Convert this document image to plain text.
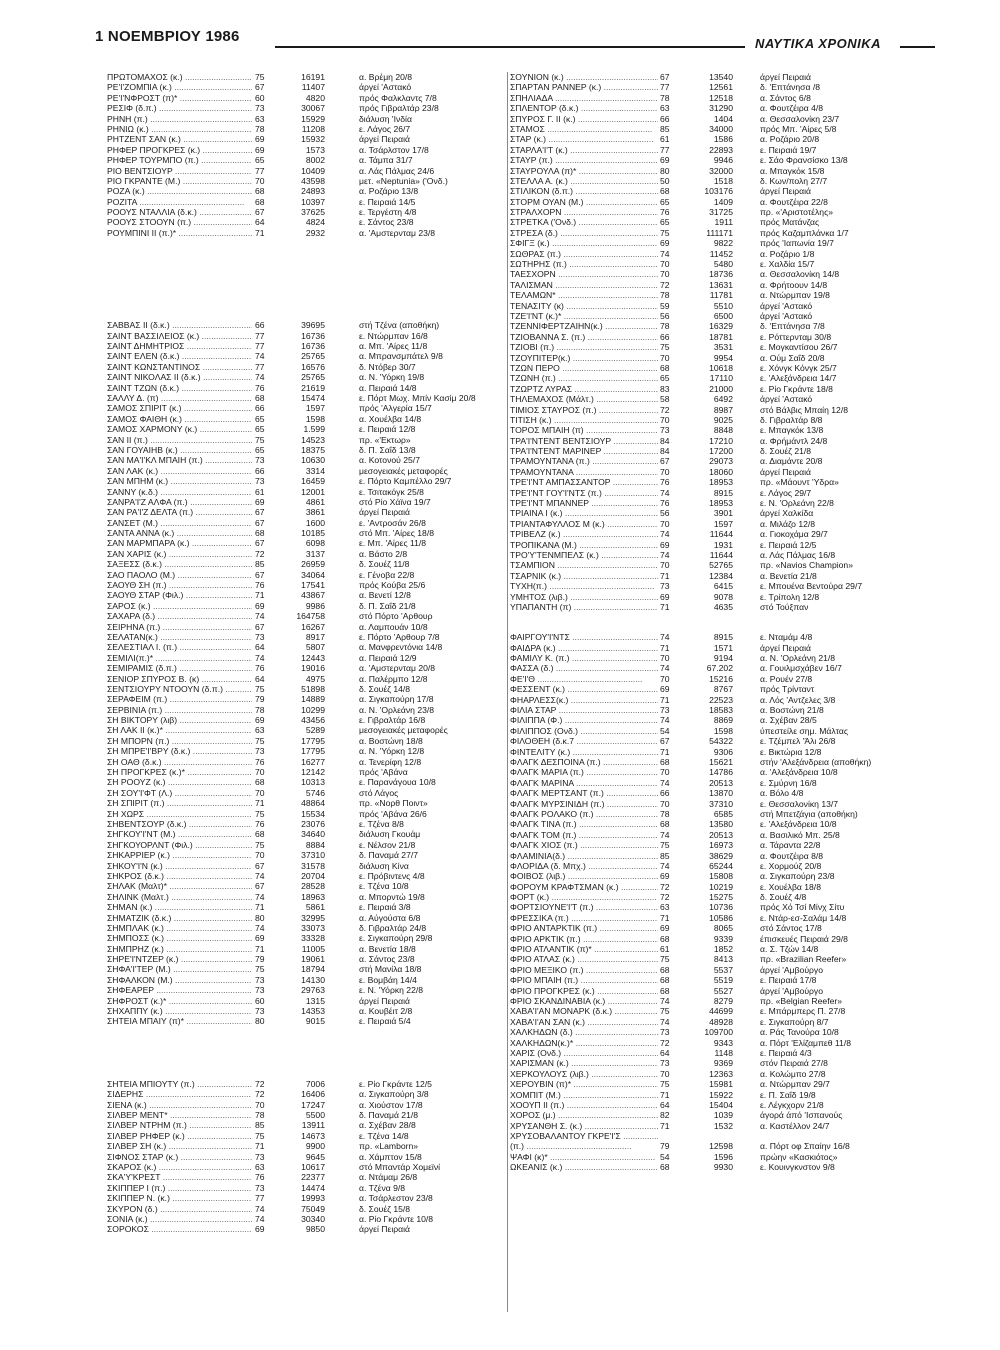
1 ΝΟΕΜΒΡΙΟΥ 1986	ΝΑΥΤΙΚΑ ΧΡΟΝΙΚΑ
ΠΡΩΤΟΜΑΧΟΣ (κ.) .....	75	16191	α. Βρέμη 20/8
ΡΕ'Ι'ΖΟΜΠΙΑ (κ.) .....	67	11407	άργεί 'Αστακό
ΡΕ'Ι'ΝΦΡΟΣΤ (π)* .....	60	4820	πρός Φαλκλαντς 7/8
ΡΕΣΙΦ (δ.π.) .....	73	30067	πρός Γιβραλτάρ 23/8
ΡΗΝΗ (π.) .....	63	15929	διάλυση 'Ινδία
ΡΗΝΙΩ (κ.) .....	78	11208	ε. Λάγος 26/7
ΡΗΤΖΕΝΤ ΣΑΝ (κ.) .....	69	15932	άργεί Πειραιά
ΡΗΦΕΡ ΠΡΟΓΚΡΕΣ (κ.) .....	69	1573	α. Τσάρλστον 17/8
ΡΗΦΕΡ ΤΟΥΡΜΠΟ (π.) .....	65	8002	α. Τάμπα 31/7
ΡΙΟ ΒΕΝΤΣΙΟΥΡ .....	77	10409	α. Λάς Πάλμας 24/6
ΡΙΟ ΓΚΡΑΝΤΕ (Μ.) .....	70	43598	μετ. «Neptunia» ('Ονδ.)
ΡΟΖΑ (κ.) .....	68	24893	α. Ροζάριο 13/8
ΡΟΖΙΤΑ .....	68	10397	ε. Πειραιά 14/5
ΡΟΟΥΣ ΝΤΑΛΛΙΑ (δ.κ.) .....	67	37625	ε. Τεργέστη 4/8
ΡΟΟΥΣ ΣΤΟΟΥΝ (π.) .....	64	4824	ε. Σάντος 23/8
ΡΟΥΜΠΙΝΙ ΙΙ (π.)* .....	71	2932	α. 'Αμστερνταμ 23/8
ΣΑΒΒΑΣ ΙΙ (δ.κ.) .....	66	39695	στή Τζένα (αποθήκη)
ΣΑΙΝΤ ΒΑΣΣΙΛΕΙΟΣ (κ.) .....	77	16736	ε. Ντώρμπαν 16/8
ΣΑΙΝΤ ΔΗΜΗΤΡΙΟΣ .....	77	16736	α. Μπ. 'Αίρες 11/8
ΣΑΙΝΤ ΕΛΕΝ (δ.κ.) .....	74	25765	α. Μπρανσμπάτελ 9/8
ΣΑΙΝΤ ΚΩΝΣΤΑΝΤΙΝΟΣ .....	77	16576	δ. Ντόβερ 30/7
ΣΑΙΝΤ ΝΙΚΟΛΑΣ ΙΙ (δ.κ.) .....	74	25765	α. Ν. 'Υόρκη 19/8
ΣΑΙΝΤ ΤΖΩΝ (δ.κ.) .....	76	21619	α. Πειραιά 14/8
ΣΑΛΛΥ Δ. (π) .....	68	15474	ε. Πόρτ Μωχ. Μπίν Κασίμ 20/8
ΣΑΜΟΣ ΣΠΙΡΙΤ (κ.) .....	66	1597	πρός 'Αλγερία 15/7
ΣΑΜΟΣ ΦΑΙΘΗ (κ.) .....	65	1598	α. Χουέλβα 14/8
ΣΑΜΟΣ ΧΑΡΜΟΝΥ (κ.) .....	65	1.599	ε. Πειραιά 12/8
ΣΑΝ ΙΙ (π.) .....	75	14523	πρ. «'Εκτωρ»
ΣΑΝ ΓΟΥΑΙΗΒ (κ.) .....	65	18375	δ. Π. Σαΐδ 13/8
ΣΑΝ ΜΑ'Ι'ΚΛ ΜΠΑΙΗ (π.) .....	73	10630	α. Κοτονού 25/7
ΣΑΝ ΛΑΚ (κ.) .....	66	3314	μεσογειακές μεταφορές
ΣΑΝ ΜΠΗΜ (κ.) .....	73	16459	ε. Πόρτο Καμπέλλο 29/7
ΣΑΝΝΥ (κ.δ.) .....	61	12001	ε. Τσιτακόγκ 25/8
ΣΑΝΡΑ'Ι'Ζ ΑΛΦΑ (π.) .....	69	4861	στό Ρίο Χάϊνα 19/7
ΣΑΝ ΡΑ'Ι'Ζ ΔΕΛΤΑ (π.) .....	67	3861	άργεί Πειραιά
ΣΑΝΣΕΤ (Μ.) .....	67	1600	ε. 'Αντροσάν 26/8
ΣΑΝΤΑ ΑΝΝΑ (κ.) .....	68	10185	στό Μπ. 'Αίρες 18/8
ΣΑΝ ΜΑΡΜΠΑΡΑ (κ.) .....	67	6098	ε. Μπ. 'Αίρες 11/8
ΣΑΝ ΧΑΡΙΣ (κ.) .....	72	3137	α. Βάστο 2/8
ΣΑΞΕΣΣ (δ.κ.) .....	85	26959	δ. Σουέζ 11/8
ΣΑΟ ΠΑΟΛΟ (Μ.) .....	67	34064	ε. Γένοβα 22/8
ΣΑΟΥΘ ΣΗ (π.) .....	76	17541	πρός Κούβα 25/6
ΣΑΟΥΘ ΣΤΑΡ (Φιλ.) .....	71	43867	α. Βενετί 12/8
ΣΑΡΟΣ (κ.) .....	69	9986	δ. Π. Σαΐδ 21/8
ΣΑΧΑΡΑ (δ.) .....	74	164758	στό Πόρτο 'Αρθουρ
ΣΕΙΡΗΝΑ (π.) .....	67	16267	α. Λαμπουάν 10/8
ΣΕΛΑΤΑΝ(κ.) .....	73	8917	ε. Πόρτο 'Αρθουρ 7/8
ΣΕΛΕΣΤΙΑΛ Ι. (π.) .....	64	5807	α. Μανφρεντόνια 14/8
ΣΕΜΙΛΙ(π.)* .....	74	12443	α. Πειραιά 12/9
ΣΕΜΙΡΑΜΙΣ (δ.π.) .....	76	19016	α. 'Αμστερνταμ 20/8
ΣΕΝΙΟΡ ΣΠΥΡΟΣ Β. (κ) .....	64	4975	α. Παλέρμπο 12/8
ΣΕΝΤΣΙΟΥΡΥ ΝΤΟΟΥΝ (δ.π.) .....	75	51898	δ. Σουέζ 14/8
ΣΕΡΑΦΕΙΜ (π.) .....	79	14889	α. Σιγκαπούρη 17/8
ΣΕΡΒΙΝΙΑ (π.) .....	78	10299	α. Ν. 'Ορλεάνη 23/8
ΣΗ ΒΙΚΤΟΡΥ (λιβ) .....	69	43456	ε. Γιβραλτάρ 16/8
ΣΗ ΛΑΚ ΙΙ (κ.)* .....	63	5289	μεσογειακές μεταφορές
ΣΗ ΜΠΟΡΝ (π.) .....	75	17795	α. Βοστώνη 18/8
ΣΗ ΜΠΡΕ'Ι'ΒΡΥ (δ.κ.) .....	73	17795	α. Ν. 'Υόρκη 12/8
ΣΗ ΟΑΘ (δ.κ.) .....	76	16277	α. Τενερίφη 12/8
ΣΗ ΠΡΟΓΚΡΕΣ (κ.)* .....	70	12142	πρός 'Αβάνα
ΣΗ ΡΟΟΥΖ (κ.) .....	68	10313	ε. Παρανάγουα 10/8
ΣΗ ΣΟΥ'Ι'ΦΤ (Λ.) .....	70	5746	στό Λάγος
ΣΗ ΣΠΙΡΙΤ (π.) .....	71	48864	πρ. «Νορθ Ποιντ»
ΣΗ ΧΩΡΣ .....	75	15534	πρός 'Αβάνα 26/6
ΣΗΒΕΝΤΣΟΥΡ (δ.κ.) .....	76	23076	ε. Τζένα 8/8
ΣΗΓΚΟΥ'Ι'ΝΤ (Μ.) .....	68	34640	διάλυση Γκουάμ
ΣΗΓΚΟΥΟΡΛΝΤ (Φιλ.) .....	75	8884	ε. Νέλσον 21/8
ΣΗΚΑΡΡΙΕΡ (κ.) .....	70	37310	δ. Παναμά 27/7
ΣΗΚΟΥ'Ι'Ν (κ.) .....	67	31578	διάλυση Κίνα
ΣΗΚΡΟΣ (δ.κ.) .....	74	20704	ε. Πρόβιντενς 4/8
ΣΗΛΑΚ (Μαλτ)* .....	67	28528	ε. Τζένα 10/8
ΣΗΛΙΝΚ (Μαλτ.) .....	74	18963	α. Μπορντώ 19/8
ΣΗΜΑΝ (κ.) .....	71	5861	ε. Πειραιά 3/8
ΣΗΜΑΤΖΙΚ (δ.κ.) .....	80	32995	α. Αύγούστα 6/8
ΣΗΜΠΛΑΚ (κ.) .....	74	33073	δ. Γιβραλτάρ 24/8
ΣΗΜΠΟΣΣ (κ.) .....	69	33328	ε. Σιγκαπούρη 29/8
ΣΗΜΠΡΗΖ (κ.) .....	71	11005	α. Βενετία 18/8
ΣΗΡΕ'Ι'ΝΤΖΕΡ (κ.) .....	79	19061	α. Σάντος 23/8
ΣΗΦΑ'Ι'ΤΕΡ (Μ.) .....	75	18794	στή Μανίλα 18/8
ΣΗΦΑΛΚΟΝ (Μ.) .....	73	14130	ε. Βομβάη 14/4
ΣΗΦΕΑΡΕΡ .....	73	29763	ε. Ν. 'Υόρκη 22/8
ΣΗΦΡΟΣΤ (κ.)* .....	60	1315	άργεί Πειραιά
ΣΗΧΑΠΠΥ (κ.) .....	73	14353	α. Κουβέιτ 2/8
ΣΗΤΕΙΑ ΜΠΑΙΥ (π)* .....	80	9015	ε. Πειραιά 5/4
ΣΗΤΕΙΑ ΜΠΙΟΥΤΥ (π.) .....	72	7006	ε. Ρίο Γκράντε 12/5
ΣΙΔΕΡΗΣ .....	72	16406	α. Σιγκαπούρη 3/8
ΣΙΕΝΑ (κ.) .....	70	17247	α. Χιούστον 17/8
ΣΙΛΒΕΡ ΜΕΝΤ* .....	78	5500	δ. Παναμά 21/8
ΣΙΛΒΕΡ ΝΤΡΗΜ (π.) .....	85	13911	α. Σχέβαν 28/8
ΣΙΛΒΕΡ ΡΗΦΕΡ (κ.) .....	75	14673	ε. Τζένα 14/8
ΣΙΛΒΕΡ ΣΗ (κ.) .....	71	9900	πρ. «Lamborn»
ΣΙΦΝΟΣ ΣΤΑΡ (κ.) .....	73	9645	α. Χάμπτον 15/8
ΣΚΑΡΟΣ (κ.) .....	63	10617	στό Μπαντάρ Χομεϊνί
ΣΚΑ'Υ'ΚΡΕΣΤ .....	76	22377	α. Ντάμαμ 26/8
ΣΚΙΠΠΕΡ Ι (π.) .....	73	14474	α. Τζένα 9/8
ΣΚΙΠΠΕΡ Ν. (κ.) .....	77	19993	α. Τσάρλεστον 23/8
ΣΚΥΡΟΝ (δ.) .....	74	75049	δ. Σουέζ 15/8
ΣΟΝΙΑ (κ.) .....	74	30340	α. Ρίο Γκράντε 10/8
ΣΟΡΟΚΟΣ .....	69	9850	άργεί Πειραιά
ΣΟΥΝΙΟΝ (κ.) .....	67	13540	άργεί Πειραιά
ΣΠΑΡΤΑΝ ΡΑΝΝΕΡ (κ.) .....	77	12561	δ. 'Επτάνησα /8
ΣΠΗΛΙΑΔΑ .....	78	12518	α. Σάντος 6/8
ΣΠΛΕΝΤΟΡ (δ.κ.) .....	63	31290	α. Φουτζέιρα 4/8
ΣΠΥΡΟΣ Γ. ΙΙ (κ.) .....	66	1404	α. Θεσσαλονίκη 23/7
ΣΤΑΜΟΣ .....	85	34000	πρός Μπ. 'Αίρες 5/8
ΣΤΑΡ (κ.) .....	61	1586	α. Ροζάριο 20/8
ΣΤΑΡΛΑ'Ι'Τ (κ.) .....	77	22893	ε. Πειραιά 19/7
ΣΤΑΥΡ (π.) .....	69	9946	ε. Σάο Φρανσίσκο 13/8
ΣΤΑΥΡΟΥΛΑ (π)* .....	80	32000	α. Μπαγκόκ 15/8
ΣΤΕΛΛΑ Α. (κ.) .....	50	1518	δ. Κων/πολη 27/7
ΣΤΙΛΙΚΟΝ (δ.π.) .....	68	103176	άργεί Πειραιά
ΣΤΟΡΜ ΟΥΑΝ (Μ.) .....	65	1409	α. Φουτζέιρα 22/8
ΣΤΡΑΛΧΟΡΝ .....	76	31725	πρ. «'Αριστοτέλης»
ΣΤΡΕΤΚΑ ('Ονδ.) .....	65	1911	πρός Ματάνζας
ΣΤΡΕΣΑ (δ.) .....	75	111171	πρός Καζαμπλάνκα 1/7
ΣΦΙΓΞ (κ.) .....	69	9822	πρός 'Ιαπωνία 19/7
ΣΩΘΡΑΣ (π.) .....	74	11452	α. Ροζάριο 1/8
ΣΩΤΗΡΗΣ (π.) .....	70	5480	ε. Χαλδία 15/7
ΤΑΕΣΧΟΡΝ .....	70	18736	α. Θεσσαλονίκη 14/8
ΤΑΛΙΣΜΑΝ .....	72	13631	α. Φρήτοουν 14/8
ΤΕΛΑΜΩΝ* .....	78	11781	α. Ντώρμπαν 19/8
ΤΕΝΑΣΙΤΥ (κ) .....	59	5510	άργεί 'Αστακό
ΤΖΕ'Ι'ΝΤ (κ.)* .....	56	6500	άργεί 'Αστακό
ΤΖΕΝΝΙΦΕΡΤΖΑΙΗΝ(κ.) .....	78	16329	δ. 'Επτάνησα 7/8
ΤΖΙΟΒΑΝΝΑ Σ. (π.) .....	66	18781	ε. Ρόττερνταμ 30/8
ΤΖΙΟΒΙ (π.) .....	75	3531	ε. Μογκαντίσου 26/7
ΤΖΟΥΠΙΤΕΡ(κ.) .....	70	9954	α. Ούμ Σαΐδ 20/8
ΤΖΩΝ ΠΕΡΟ .....	68	10618	ε. Χόνγκ Κόνγκ 25/7
ΤΖΩΝΗ (π.) .....	65	17110	ε. 'Αλεξάνδρεια 14/7
ΤΖΩΡΤΖ ΛΥΡΑΣ .....	83	21000	ε. Ρίο Γκράντε 18/8
ΤΗΛΕΜΑΧΟΣ (Μάλτ.) .....	58	6492	άργεί 'Αστακό
ΤΙΜΙΟΣ ΣΤΑΥΡΟΣ (π.) .....	72	8987	στό Βάλβις Μπαίη 12/8
ΤΙΤΙΣΗ (κ.) .....	70	9025	δ. Γιβραλτάρ 8/8
ΤΟΡΟΣ ΜΠΑΙΗ (π) .....	73	8848	ε. Μπαγκόκ 13/8
ΤΡΑ'Ι'ΝΤΕΝΤ ΒΕΝΤΣΙΟΥΡ .....	84	17210	α. Φρήμάντλ 24/8
ΤΡΑ'Ι'ΝΤΕΝΤ ΜΑΡΙΝΕΡ .....	84	17200	δ. Σουέζ 21/8
ΤΡΑΜΟΥΝΤΑΝΑ (π.) .....	67	29073	α. Διαμάντε 20/8
ΤΡΑΜΟΥΝΤΑΝΑ .....	70	18060	άργεί Πειραιά
ΤΡΕ'Ι'ΝΤ ΑΜΠΑΣΣΑΝΤΟΡ .....	76	18953	πρ. «Μάουντ 'Υδρα»
ΤΡΕ'Ι'ΝΤ ΓΟΥ'Ι'ΝΤΣ (π.) .....	74	8915	ε. Λάγος 29/7
ΤΡΕ'Ι'ΝΤ ΜΠΑΝΝΕΡ .....	76	18953	ε. Ν. 'Ορλεάνη 22/8
ΤΡΙΑΙΝΑ Ι (κ.) .....	56	3901	άργεί Χαλκίδα
ΤΡΙΑΝΤΑΦΥΛΛΟΣ Μ (κ.) .....	70	1597	α. Μιλάζο 12/8
ΤΡΙΒΕΛΖ (κ.) .....	74	11644	α. Γιοκοχάμα 29/7
ΤΡΟΠΙΚΑΝΑ (Μ.) .....	69	1931	ε. Πειραιά 12/5
ΤΡΟ'Υ'ΤΕΝΜΠΕΛΣ (κ.) .....	74	11644	α. Λάς Πάλμας 16/8
ΤΣΑΜΠΙΟΝ .....	70	52765	πρ. «Navios Champion»
ΤΣΑΡΝΙΚ (κ.) .....	71	12384	α. Βενετία 21/8
ΤΥΧΗ(π.) .....	73	6415	ε. Μπουένα Βεντούρα 29/7
ΥΜΗΤΟΣ (λιβ.) .....	69	9078	ε. Τρίπολη 12/8
ΥΠΑΠΑΝΤΗ (π) .....	71	4635	στό Τούξπαν
ΦΑΙΡΓΟΥ'Ι'ΝΤΣ .....	74	8915	ε. Νταμάμ 4/8
ΦΑΙΔΡΑ (κ.) .....	71	1571	άργεί Πειραιά
ΦΑΜΙΛΥ Κ. (π.) .....	70	9194	α. Ν. 'Ορλεάνη 21/8
ΦΑΣΣΑ (δ.) .....	74	67.202	α. Γουιλμσχάβεν 16/7
ΦΕ'Ι'Θ .....	70	15216	α. Ρουέν 27/8
ΦΕΣΣΕΝΤ (κ.) .....	69	8767	πρός Τρίνταντ
ΦΗΑΡΛΕΣΣ(κ.) .....	71	22523	α. Λός 'Αντζελες 3/8
ΦΙΛΙΑ ΣΤΑΡ .....	73	18583	α. Βοστώνη 21/8
ΦΙΛΙΠΠΑ (Φ.) .....	74	8869	α. Σχέβαν 28/5
ΦΙΛΙΠΠΟΣ (Ονδ.) .....	54	1598	ύπεστείλε σημ. Μάλτας
ΦΙΛΟΘΕΗ (δ.κ.7 .....	67	54322	ε. Τζέμπελ 'Άλι 26/8
ΦΙΝΤΕΛΙΤΥ (κ.) .....	71	9306	ε. Βικτώρια 12/8
ΦΛΑΓΚ ΔΕΣΠΟΙΝΑ (π.) .....	68	15621	στήν 'Αλεξάνδρεια (αποθήκη)
ΦΛΑΓΚ ΜΑΡΙΑ (π.) .....	70	14786	α. 'Αλεξάνδρεια 10/8
ΦΛΑΓΚ ΜΑΡΙΝΑ .....	74	20513	ε. Σμύρνη 16/8
ΦΛΑΓΚ ΜΕΡΤΣΑΝΤ (π.) .....	66	13870	α. Βόλο 4/8
ΦΛΑΓΚ ΜΥΡΣΙΝΙΔΗ (π.) .....	70	37310	ε. Θεσσαλονίκη 13/7
ΦΛΑΓΚ ΡΟΛΑΚΟ (π.) .....	78	6585	στή Μπετζάγια (αποθήκη)
ΦΛΑΓΚ ΤΙΝΑ (π.) .....	68	13580	ε. 'Αλεξάνδρεια 10/8
ΦΛΑΓΚ ΤΟΜ (π.) .....	74	20513	α. Βασιλικό Μπ. 25/8
ΦΛΑΓΚ ΧΙΟΣ (π.) .....	75	16973	α. Τάραντα 22/8
ΦΛΑΜΙΝΙΑ(δ.) .....	85	38629	α. Φουτζέιρα 8/8
ΦΛΟΡΙΔΑ (δ. Μπχ.) .....	74	65244	ε. Χορμούζ 20/8
ΦΟΙΒΟΣ (λιβ.) .....	69	15808	α. Σιγκαπούρη 23/8
ΦΟΡΟΥΜ ΚΡΑΦΤΣΜΑΝ (κ.) .....	72	10219	ε. Χουέλβα 18/8
ΦΟΡΤ (κ.) .....	72	15275	δ. Σουέζ 4/8
ΦΟΡΤΣΙΟΥΝΕ'Ι'Τ (π.) .....	63	10736	πρός Χό Τσί Μίνχ Σίτυ
ΦΡΕΣΣΙΚΑ (π.) .....	71	10586	ε. Ντάρ-εσ-Σαλάμ 14/8
ΦΡΙΟ ΑΝΤΑΡΚΤΙΚ (π.) .....	69	8065	στό Σάντος 17/8
ΦΡΙΟ ΑΡΚΤΙΚ (π.) .....	68	9339	έπισκευές Πειραιά 29/8
ΦΡΙΟ ΑΤΛΑΝΤΙΚ (π)* .....	61	1852	α. Σ. Τζών 14/8
ΦΡΙΟ ΑΤΛΑΣ (κ.) .....	75	8413	πρ. «Brazilian Reefer»
ΦΡΙΟ ΜΕΞΙΚΟ (π.) .....	68	5537	άργεί 'Αμβούργο
ΦΡΙΟ ΜΠΑΙΗ (π.) .....	68	5519	ε. Πειραιά 17/8
ΦΡΙΟ ΠΡΟΓΚΡΕΣ (κ.) .....	68	5527	άργεί 'Αμβούργο
ΦΡΙΟ ΣΚΑΝΔΙΝΑΒΙΑ (κ.) .....	74	8279	πρ. «Belgian Reefer»
ΧΑΒΑ'Ι'ΑΝ ΜΟΝΑΡΚ (δ.κ.) .....	75	44699	ε. Μπάρμπερς Π. 27/8
ΧΑΒΑ'Ι'ΑΝ ΣΑΝ (κ.) .....	74	48928	ε. Σιγκαπούρη 8/7
ΧΑΛΚΗΔΩΝ (δ.) .....	73	109700	α. Ράς Τανούρα 10/8
ΧΑΛΚΗΔΩΝ(κ.)* .....	72	9343	α. Πόρτ 'Ελίζαμπεθ 11/8
ΧΑΡΙΣ (Ονδ.) .....	64	1148	ε. Πειραιά 4/3
ΧΑΡΙΣΜΑΝ (κ.) .....	73	9369	στόν Πειραιά 27/8
ΧΕΡΚΟΥΛΟΥΣ (λιβ.) .....	70	12363	α. Κολώμπο 27/8
ΧΕΡΟΥΒΙΝ (π)* .....	75	15981	α. Ντώρμπαν 29/7
ΧΟΜΠΙΤ (Μ.) .....	71	15922	ε. Π. Σαΐδ 19/8
ΧΟΟΥΠ ΙΙ (π.) .....	64	15404	ε. Λέγκχορν 21/8
ΧΟΡΟΣ (μ.) .....	82	1039	άγορά άπό 'Ισπανούς
ΧΡΥΣΑΝΘΗ Σ. (κ.) .....	71	1532	α. Καστέλλον 24/7
ΧΡΥΣΟΒΑΛΑΝΤΟΥ ΓΚΡΕ'Ι'Σ .....
(π.) .....	79	12598	α. Πόρτ οφ Σπαίην 16/8
ΨΑΦΙ (κ)* .....	54	1596	πρώην «Κασκιότος»
ΩΚΕΑΝΙΣ (κ.) .....	68	9930	ε. Κουινγκνστον 9/8
